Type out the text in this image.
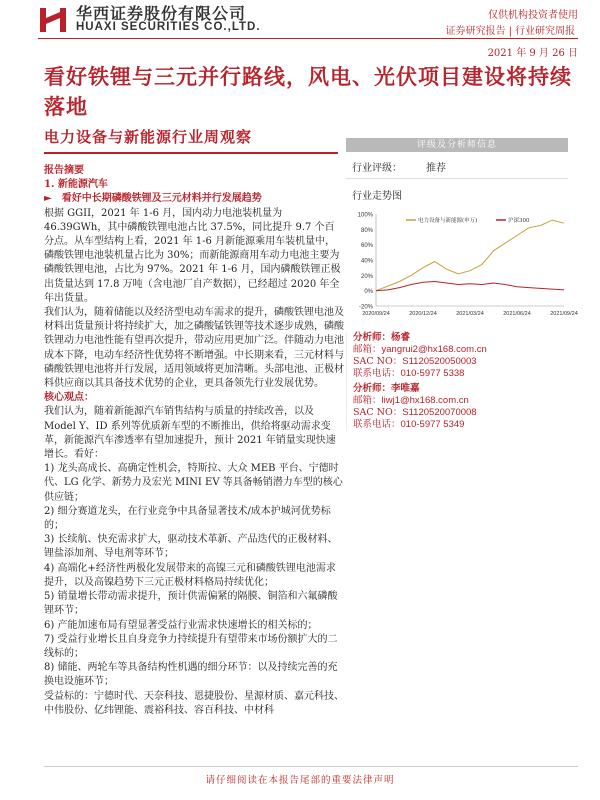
华西证券股份有限公司
HUAXI SECURITIES CO.,LTD.
仅供机构投资者使用
证券研究报告 | 行业研究周报
2021 年 9 月 26 日
看好铁锂与三元并行路线，风电、光伏项目建设将持续落地
电力设备与新能源行业周观察

报告摘要

1. 新能源汽车

► 看好中长期磷酸铁锂及三元材料并行发展趋势

根据 GGII，2021 年 1-6 月，国内动力电池装机量为 46.39GWh，其中磷酸铁锂电池占比 37.5%，同比提升 9.7 个百分点。从车型结构上看，2021 年 1-6 月新能源乘用车装机量中，磷酸铁锂电池装机量占比为 30%；而新能源商用车动力电池主要为磷酸铁锂电池，占比为 97%。2021 年 1-6 月，国内磷酸铁锂正极出货量达到 17.8 万吨（含电池厂自产数据），已经超过 2020 年全年出货量。

我们认为，随着储能以及经济型电动车需求的提升，磷酸铁锂电池及材料出货量预计将持续扩大，加之磷酸锰铁锂等技术逐步成熟，磷酸铁锂动力电池性能有望再次提升，带动应用更加广泛。伴随动力电池成本下降，电动车经济性优势将不断增强。中长期来看，三元材料与磷酸铁锂电池将并行发展，适用领域将更加清晰。头部电池、正极材料供应商以其具备技术优势的企业，更具备领先行业发展优势。

核心观点：

我们认为，随着新能源汽车销售结构与质量的持续改善，以及 Model Y、ID 系列等优质新车型的不断推出，供给将驱动需求变革，新能源汽车渗透率有望加速提升，预计 2021 年销量实现快速增长。看好：

1) 龙头高成长、高确定性机会，特斯拉、大众 MEB 平台、宁德时代、LG 化学、新势力及宏光 MINI EV 等具备畅销潜力车型的核心供应链；

2) 细分赛道龙头，在行业竞争中具备显著技术/成本护城河优势标的；

3) 长续航、快充需求扩大，驱动技术革新、产品迭代的正极材料、锂盐添加剂、导电剂等环节；

4) 高端化+经济性两极化发展带来的高镍三元和磷酸铁锂电池需求提升，以及高镍趋势下三元正极材料格局持续优化；

5) 销量增长带动需求提升，预计供需偏紧的隔膜、铜箔和六氟磷酸锂环节；

6) 产能加速布局有望显著受益行业需求快速增长的相关标的；

7) 受益行业增长且自身竞争力持续提升有望带来市场份额扩大的二线标的；

8) 储能、两轮车等具备结构性机遇的细分环节：以及持续完善的充换电设施环节；

受益标的：宁德时代、天奈科技、恩捷股份、星源材质、嘉元科技、中伟股份、亿纬锂能、震裕科技、容百科技、中材科

评级及分析师信息
行业评级： 推荐
行业走势图
100%
80%
60%
40%
20%
0%
-20%
2020/09/24	2020/12/24	2021/03/24	2021/06/24	2021/09/24
电力设备与新能源(申万)	沪深300
分析师：杨睿
邮箱：yangrui2@hx168.com.cn
SAC NO：S1120520050003
联系电话：010-5977 5338
分析师：李唯嘉
邮箱：liwj1@hx168.com.cn
SAC NO：S1120520070008
联系电话：010-5977 5349
请仔细阅读在本报告尾部的重要法律声明
